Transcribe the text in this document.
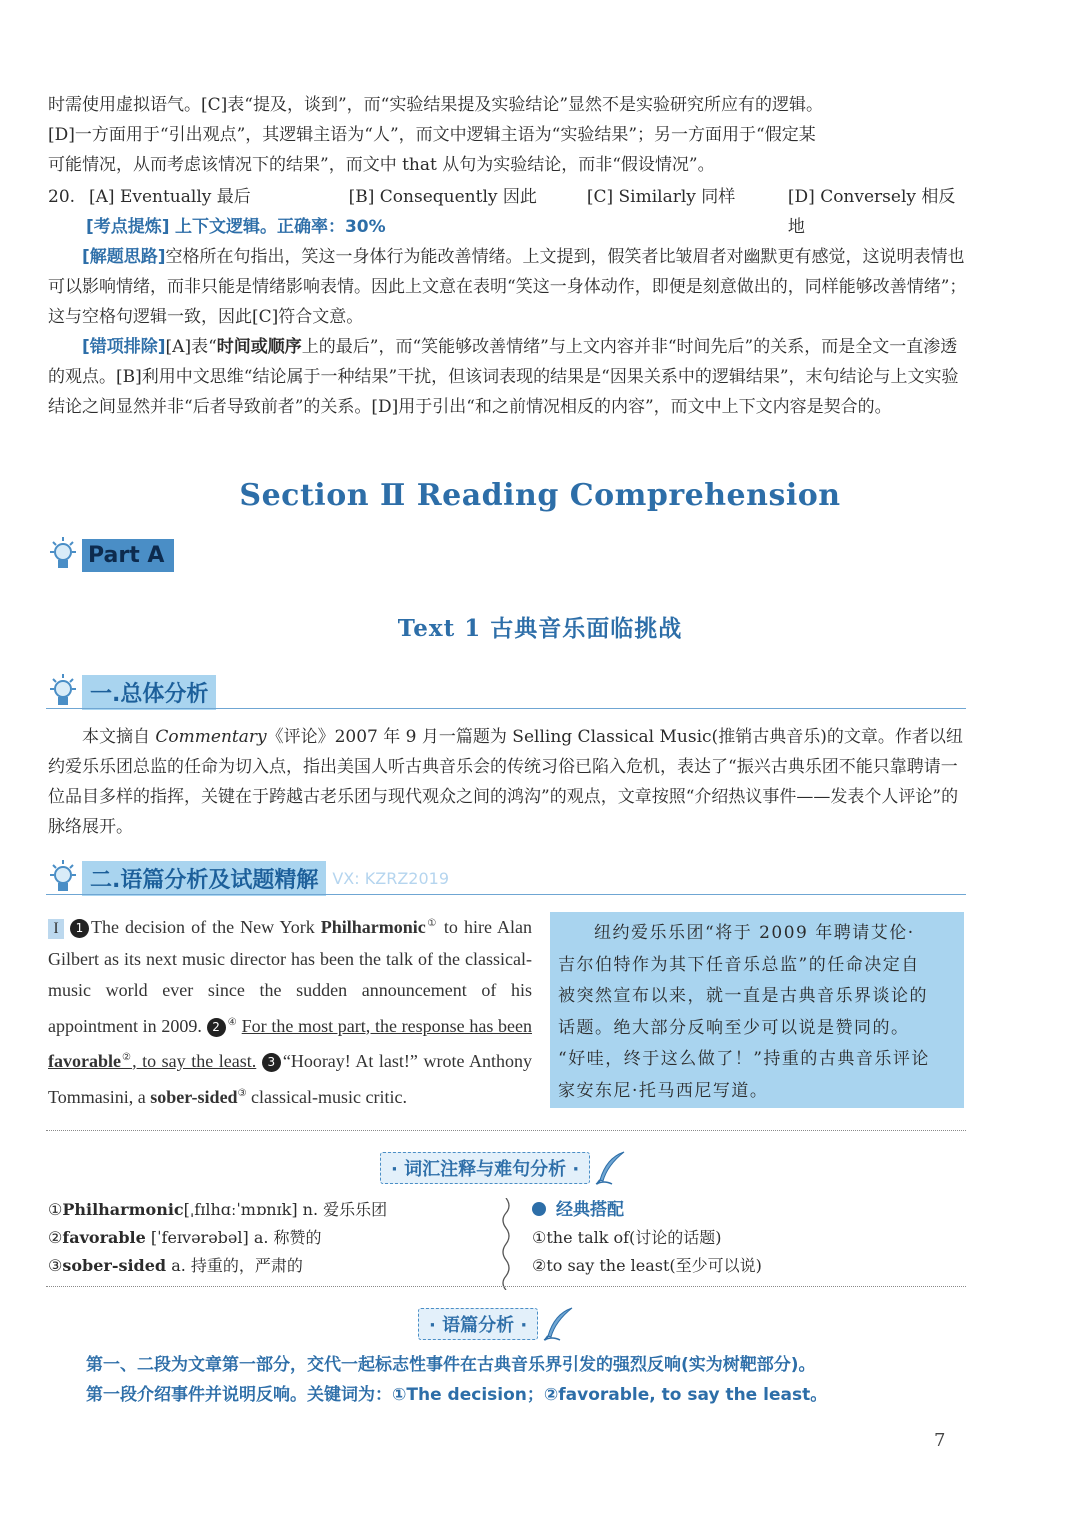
时需使用虚拟语气。[C]表“提及，谈到”，而“实验结果提及实验结论”显然不是实验研究所应有的逻辑。
[D]一方面用于“引出观点”，其逻辑主语为“人”，而文中逻辑主语为“实验结果”；另一方面用于“假定某
可能情况，从而考虑该情况下的结果”，而文中 that 从句为实验结论，而非“假设情况”。
20. [A] Eventually 最后	[B] Consequently 因此	[C] Similarly 同样	[D] Conversely 相反地
[考点提炼] 上下文逻辑。正确率：30%
[解题思路]空格所在句指出，笑这一身体行为能改善情绪。上文提到，假笑者比皱眉者对幽默更有感觉，这说明表情也可以影响情绪，而非只能是情绪影响表情。因此上文意在表明“笑这一身体动作，即便是刻意做出的，同样能够改善情绪”；这与空格句逻辑一致，因此[C]符合文意。
[错项排除][A]表“时间或顺序上的最后”，而“笑能够改善情绪”与上文内容并非“时间先后”的关系，而是全文一直渗透的观点。[B]利用中文思维“结论属于一种结果”干扰，但该词表现的结果是“因果关系中的逻辑结果”，末句结论与上文实验结论之间显然并非“后者导致前者”的关系。[D]用于引出“和之前情况相反的内容”，而文中上下文内容是契合的。
Section Ⅱ Reading Comprehension
Part A
Text 1 古典音乐面临挑战
一.总体分析
本文摘自 Commentary《评论》2007 年 9 月一篇题为 Selling Classical Music(推销古典音乐)的文章。作者以纽约爱乐乐团总监的任命为切入点，指出美国人听古典音乐会的传统习俗已陷入危机，表达了“振兴古典乐团不能只靠聘请一位品目多样的指挥，关键在于跨越古老乐团与现代观众之间的鸿沟”的观点，文章按照“介绍热议事件——发表个人评论”的脉络展开。
二.语篇分析及试题精解 VX: KZRZ2019
I 1 The decision of the New York Philharmonic① to hire Alan Gilbert as its next music director has been the talk of the classical-music world ever since the sudden announcement of his appointment in 2009. 2 ④ For the most part, the response has been favorable②, to say the least. 3 “Hooray! At last!” wrote Anthony Tommasini, a sober-sided③ classical-music critic.
纽约爱乐乐团“将于 2009 年聘请艾伦·
吉尔伯特作为其下任音乐总监”的任命决定自
被突然宣布以来，就一直是古典音乐界谈论的
话题。绝大部分反响至少可以说是赞同的。
“好哇，终于这么做了！”持重的古典音乐评论
家安东尼·托马西尼写道。
· 词汇注释与难句分析 ·
①Philharmonic[ˌfɪlhɑːˈmɒnɪk] n. 爱乐乐团
②favorable [ˈfeɪvərəbəl] a. 称赞的
③sober-sided a. 持重的，严肃的
经典搭配
①the talk of(讨论的话题)
②to say the least(至少可以说)
· 语篇分析 ·
第一、二段为文章第一部分，交代一起标志性事件在古典音乐界引发的强烈反响(实为树靶部分)。
第一段介绍事件并说明反响。关键词为：①The decision；②favorable, to say the least。
7
